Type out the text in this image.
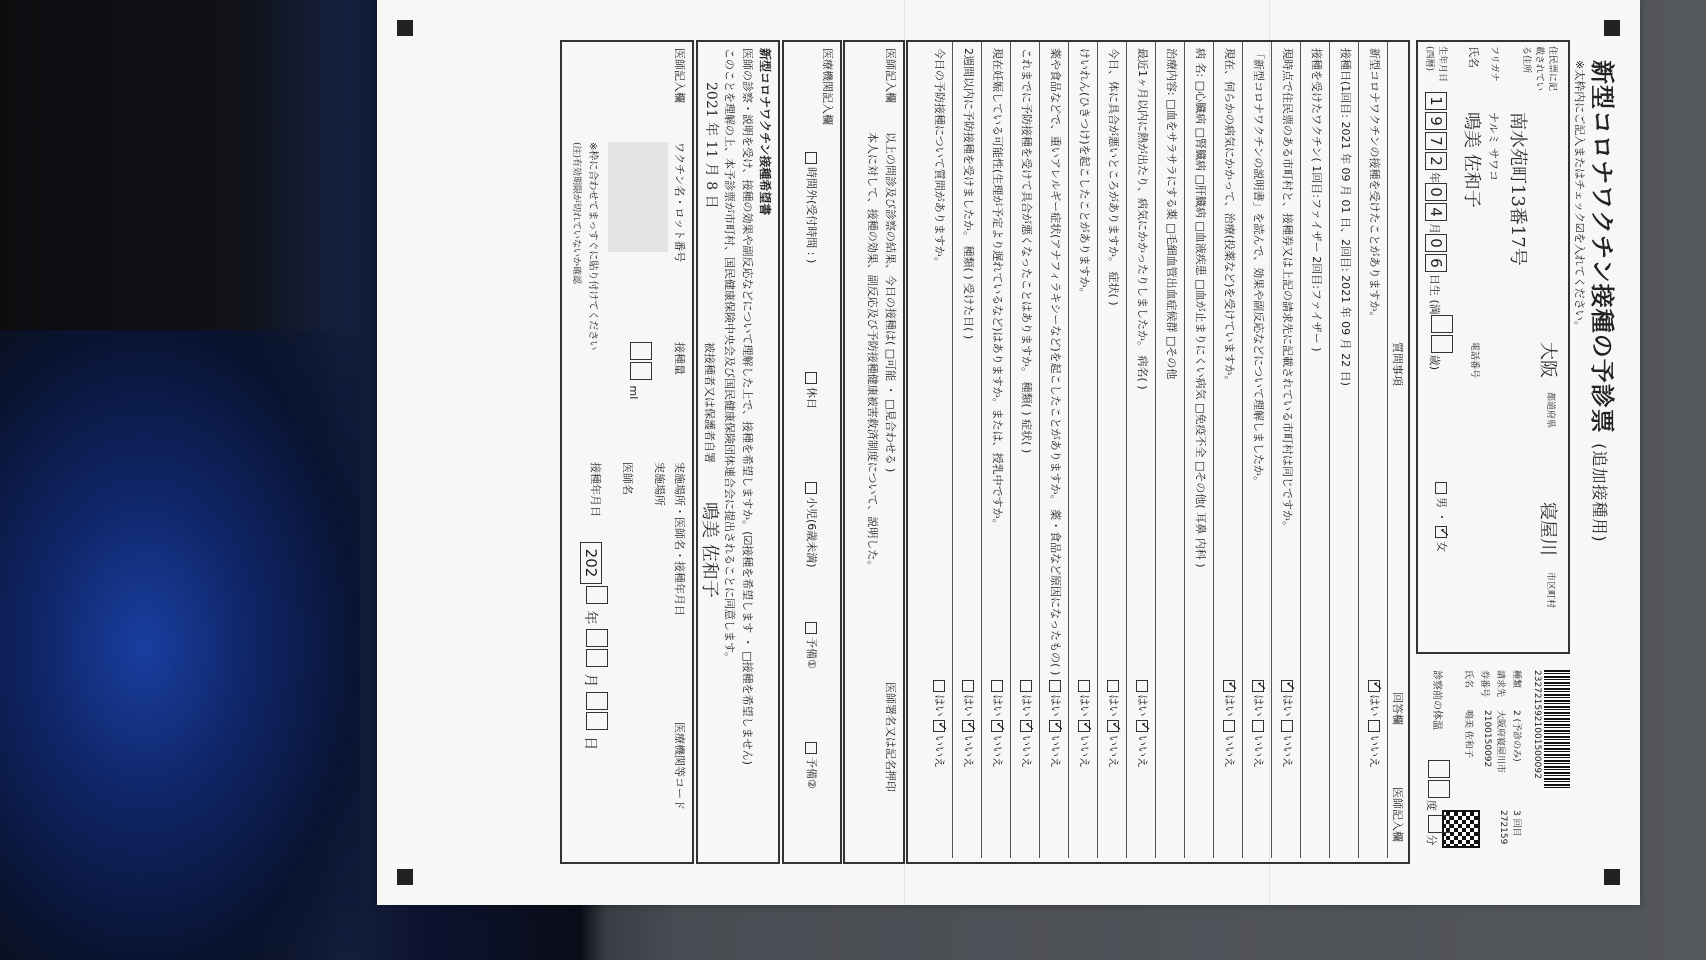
新型コロナワクチン接種の予診票 (追加接種用)
※太枠内にご記入またはチェック☑を入れてください。
住民票に記載されている住所
大阪
都道府県
寝屋川
市区町村
南水苑町13番17号
フリガナ
ナルミ サワコ
氏名
鳴美 佐和子
電話番号
生年月日(西暦)
1972年04月06日生 (満歳)
男 ・ ✓女
2327215921001500092
種類
2 (予診のみ)
3 回目
請求先
大阪府寝屋川市
272159
券番号
2100150092
氏名
鳴美 佐和子
診察前の体温
度 分
質問事項
回答欄
医師記入欄
新型コロナワクチンの接種を受けたことがありますか。
✓はい いいえ
接種日(1回目: 2021 年 09 月 01 日、2回目: 2021 年 09 月 22 日)
接種を受けたワクチン( 1回目:ファイザー 2回目:ファイザー )
現時点で住民票のある市町村と、接種券又は上記の請求先に記載されている市町村は同じですか。
✓はい いいえ
「新型コロナワクチンの説明書」を読んで、効果や副反応などについて理解しましたか。
✓はい いいえ
現在、何らかの病気にかかって、治療(投薬など)を受けていますか。
✓はい いいえ
病 名: □心臓病 □腎臓病 □肝臓病 □血液疾患 □血が止まりにくい病気 □免疫不全 □その他( 耳鼻 内科 )
治療内容: □血をサラサラにする薬 □毛細血管出血症候群 □その他
最近1ヶ月以内に熱が出たり、病気にかかったりしましたか。 病名( )
はい ✓いいえ
今日、体に具合が悪いところがありますか。 症状( )
はい ✓いいえ
けいれん(ひきつけ)を起こしたことがありますか。
はい ✓いいえ
薬や食品などで、重いアレルギー症状(アナフィラキシーなど)を起こしたことがありますか。 薬・食品など原因になったもの( )
はい ✓いいえ
これまでに予防接種を受けて具合が悪くなったことはありますか。 種類( ) 症状( )
はい ✓いいえ
現在妊娠している可能性(生理が予定より遅れているなど)はありますか。または、授乳中ですか。
はい ✓いいえ
2週間以内に予防接種を受けましたか。 種類( ) 受けた日( )
はい ✓いいえ
今日の予防接種について質問がありますか。
はい ✓いいえ
医師記入欄
以上の問診及び診察の結果、今日の接種は( □可能 ・ □見合わせる )
本人に対して、接種の効果、副反応及び予防接種健康被害救済制度について、説明した。
医師署名又は記名押印
医療機関記入欄
時間外(受付時間 : )
休日
小児(6歳未満)
予備①
予備②
新型コロナワクチン接種希望書
医師の診察・説明を受け、接種の効果や副反応などについて理解した上で、接種を希望しますか。(☑接種を希望します ・ □接種を希望しません)
このことを理解の上、本予診票が市町村、国民健康保険中央会及び国民健康保険団体連合会に提出されることに同意します。
2021 年 11 月 8 日
被接種者又は保護者自署
鳴美 佐和子
医師記入欄
ワクチン名・ロット番号
※枠に合わせてまっすぐに貼り付けてください
(注)有効期限が切れていないか確認
接種量
ml
実施場所・医師名・接種年月日
実施場所
医師名
接種年月日
202 年  月  日	医療機関等コード
